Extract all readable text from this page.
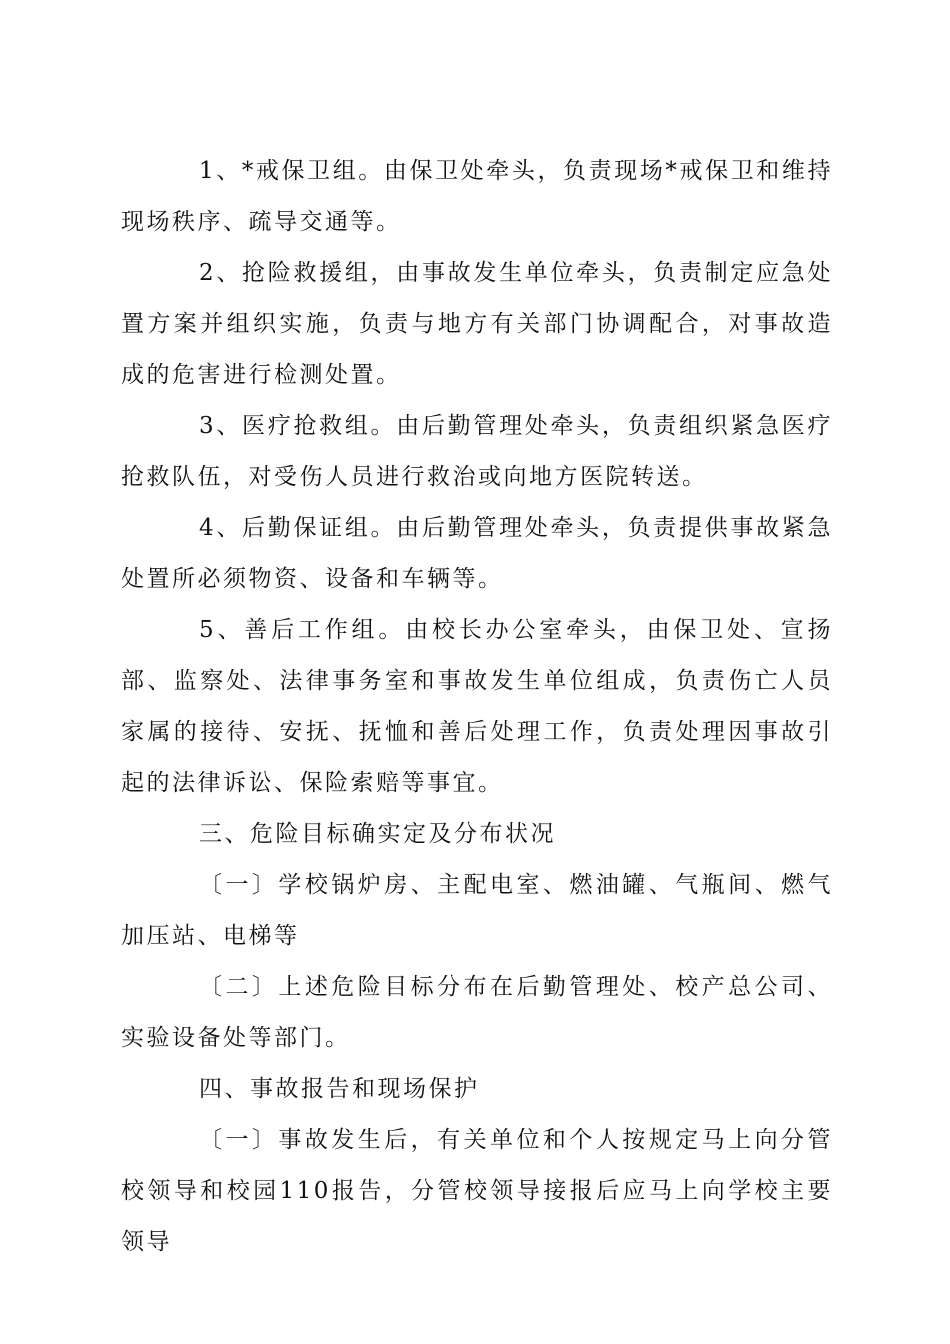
1、*戒保卫组。由保卫处牵头，负责现场*戒保卫和维持现场秩序、疏导交通等。

2、抢险救援组，由事故发生单位牵头，负责制定应急处置方案并组织实施，负责与地方有关部门协调配合，对事故造成的危害进行检测处置。

3、医疗抢救组。由后勤管理处牵头，负责组织紧急医疗抢救队伍，对受伤人员进行救治或向地方医院转送。

4、后勤保证组。由后勤管理处牵头，负责提供事故紧急处置所必须物资、设备和车辆等。

5、善后工作组。由校长办公室牵头，由保卫处、宣扬部、监察处、法律事务室和事故发生单位组成，负责伤亡人员家属的接待、安抚、抚恤和善后处理工作，负责处理因事故引起的法律诉讼、保险索赔等事宜。

三、危险目标确实定及分布状况

〔一〕学校锅炉房、主配电室、燃油罐、气瓶间、燃气加压站、电梯等

〔二〕上述危险目标分布在后勤管理处、校产总公司、实验设备处等部门。

四、事故报告和现场保护

〔一〕事故发生后，有关单位和个人按规定马上向分管校领导和校园110报告，分管校领导接报后应马上向学校主要领导
